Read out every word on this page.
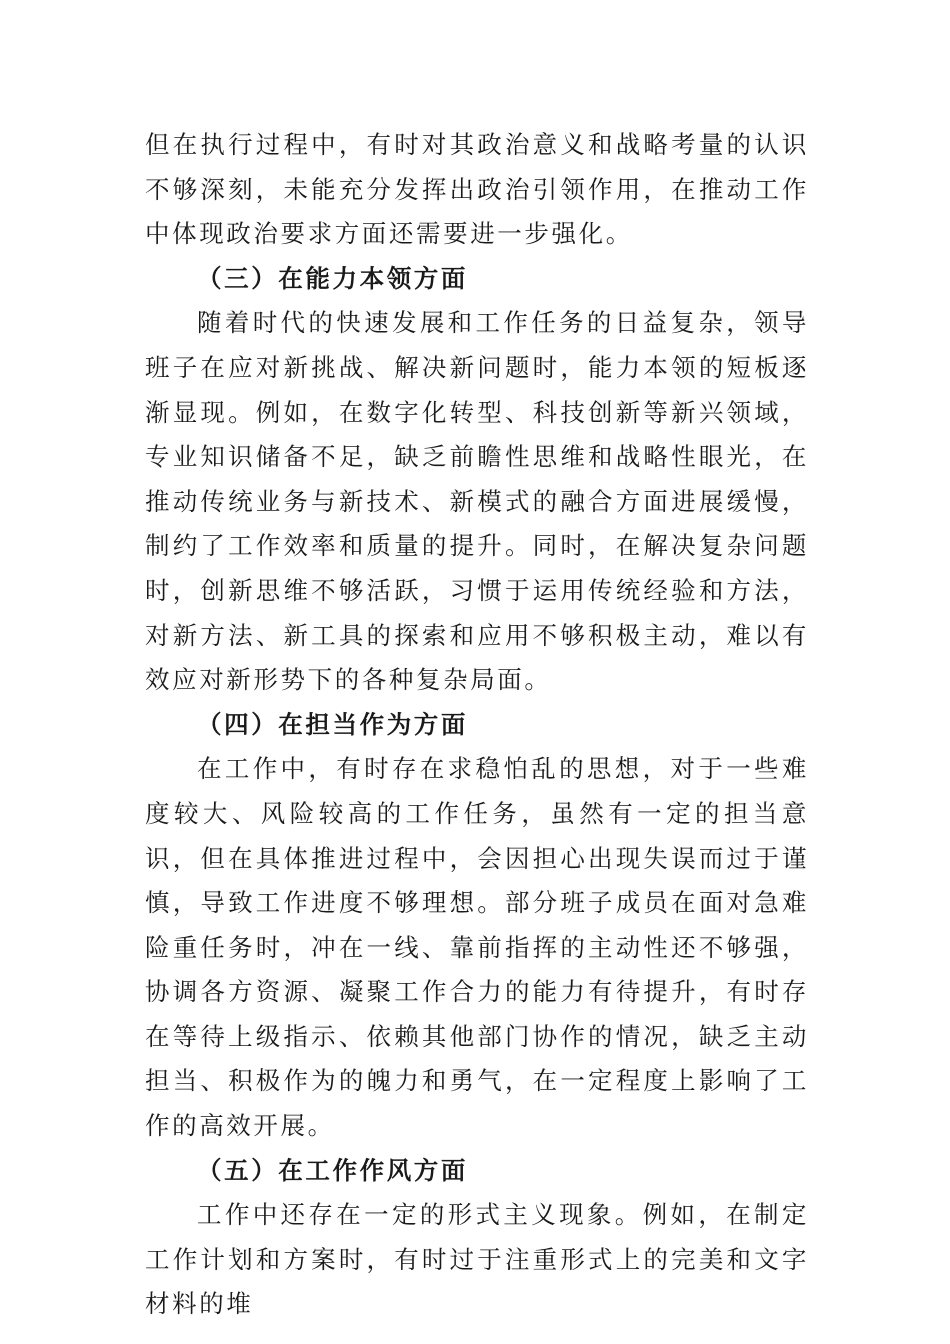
但在执行过程中，有时对其政治意义和战略考量的认识不够深刻，未能充分发挥出政治引领作用，在推动工作中体现政治要求方面还需要进一步强化。

（三）在能力本领方面

随着时代的快速发展和工作任务的日益复杂，领导班子在应对新挑战、解决新问题时，能力本领的短板逐渐显现。例如，在数字化转型、科技创新等新兴领域，专业知识储备不足，缺乏前瞻性思维和战略性眼光，在推动传统业务与新技术、新模式的融合方面进展缓慢，制约了工作效率和质量的提升。同时，在解决复杂问题时，创新思维不够活跃，习惯于运用传统经验和方法，对新方法、新工具的探索和应用不够积极主动，难以有效应对新形势下的各种复杂局面。

（四）在担当作为方面

在工作中，有时存在求稳怕乱的思想，对于一些难度较大、风险较高的工作任务，虽然有一定的担当意识，但在具体推进过程中，会因担心出现失误而过于谨慎，导致工作进度不够理想。部分班子成员在面对急难险重任务时，冲在一线、靠前指挥的主动性还不够强，协调各方资源、凝聚工作合力的能力有待提升，有时存在等待上级指示、依赖其他部门协作的情况，缺乏主动担当、积极作为的魄力和勇气，在一定程度上影响了工作的高效开展。

（五）在工作作风方面

工作中还存在一定的形式主义现象。例如，在制定工作计划和方案时，有时过于注重形式上的完美和文字材料的堆
